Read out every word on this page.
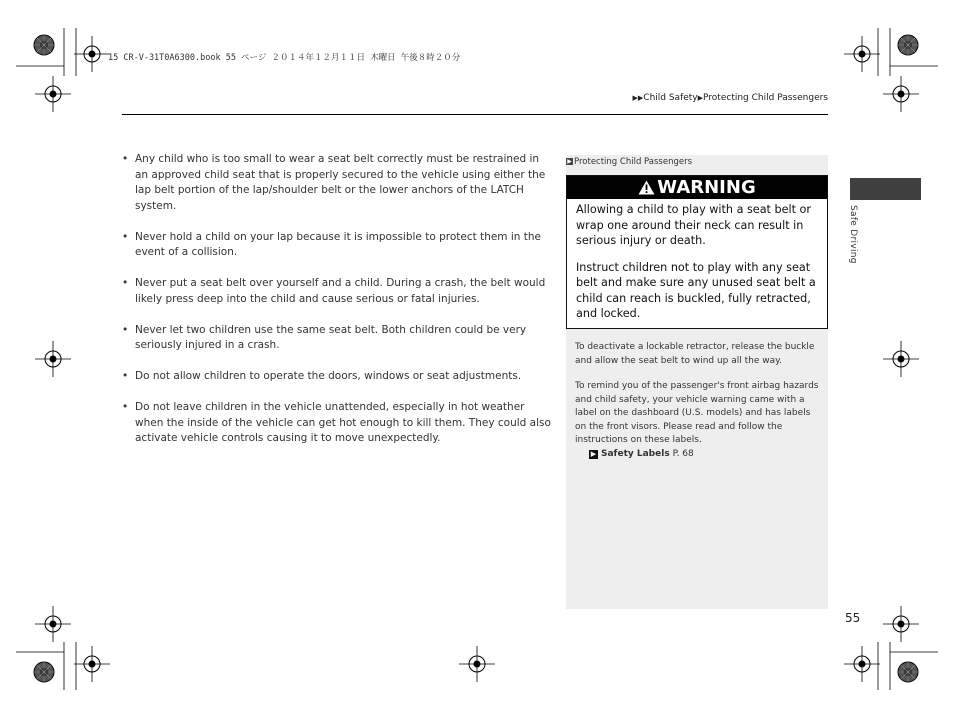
15 CR-V-31T0A6300.book 55 ページ ２０１４年１２月１１日 木曜日 午後８時２０分
▶▶Child Safety▶Protecting Child Passengers
• Any child who is too small to wear a seat belt correctly must be restrained in an approved child seat that is properly secured to the vehicle using either the lap belt portion of the lap/shoulder belt or the lower anchors of the LATCH system.
• Never hold a child on your lap because it is impossible to protect them in the event of a collision.
• Never put a seat belt over yourself and a child. During a crash, the belt would likely press deep into the child and cause serious or fatal injuries.
• Never let two children use the same seat belt. Both children could be very seriously injured in a crash.
• Do not allow children to operate the doors, windows or seat adjustments.
• Do not leave children in the vehicle unattended, especially in hot weather when the inside of the vehicle can get hot enough to kill them. They could also activate vehicle controls causing it to move unexpectedly.
▶ Protecting Child Passengers
WARNING

Allowing a child to play with a seat belt or wrap one around their neck can result in serious injury or death.

Instruct children not to play with any seat belt and make sure any unused seat belt a child can reach is buckled, fully retracted, and locked.

To deactivate a lockable retractor, release the buckle and allow the seat belt to wind up all the way.

To remind you of the passenger's front airbag hazards and child safety, your vehicle warning came with a label on the dashboard (U.S. models) and has labels on the front visors. Please read and follow the instructions on these labels.

▶ Safety Labels P. 68
Safe Driving
55
